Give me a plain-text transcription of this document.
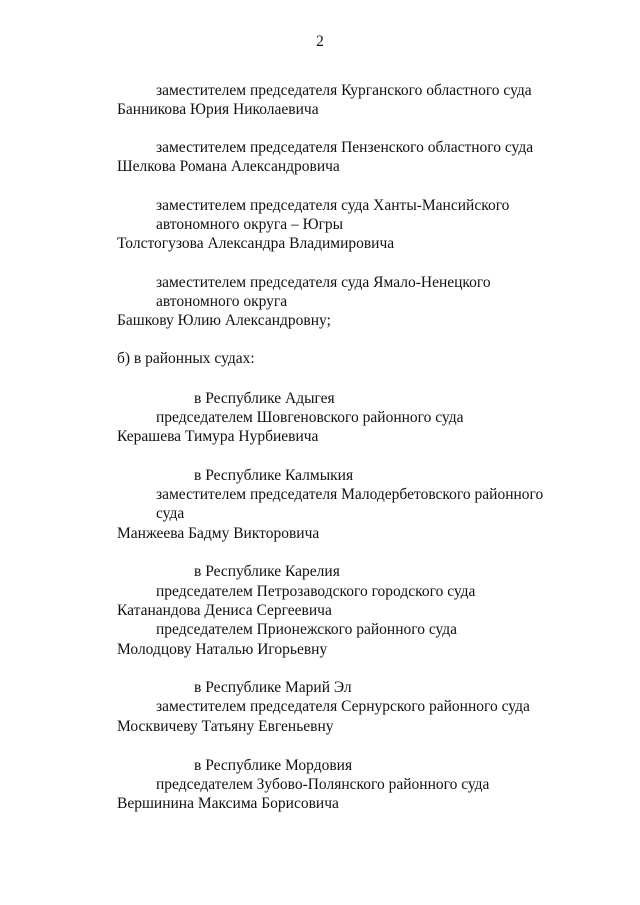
2
заместителем председателя Курганского областного суда
Банникова Юрия Николаевича
заместителем председателя Пензенского областного суда
Шелкова Романа Александровича
заместителем председателя суда Ханты-Мансийского
автономного округа – Югры
Толстогузова Александра Владимировича
заместителем председателя суда Ямало-Ненецкого
автономного округа
Башкову Юлию Александровну;
б) в районных судах:
в Республике Адыгея
председателем Шовгеновского районного суда
Керашева Тимура Нурбиевича
в Республике Калмыкия
заместителем председателя Малодербетовского районного
суда
Манжеева Бадму Викторовича
в Республике Карелия
председателем Петрозаводского городского суда
Катанандова Дениса Сергеевича
председателем Прионежского районного суда
Молодцову Наталью Игорьевну
в Республике Марий Эл
заместителем председателя Сернурского районного суда
Москвичеву Татьяну Евгеньевну
в Республике Мордовия
председателем Зубово-Полянского районного суда
Вершинина Максима Борисовича
